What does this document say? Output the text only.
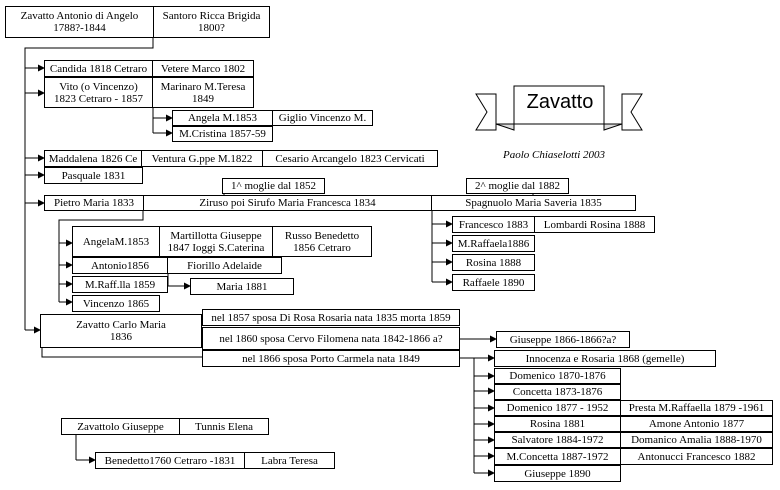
Zavatto
Paolo Chiaselotti 2003
Zavatto Antonio di Angelo
1788?-1844
Santoro Ricca Brigida
1800?
Candida 1818 Cetraro	Vetere Marco 1802
Vito (o Vincenzo)
1823 Cetraro - 1857
Marinaro M.Teresa
1849
Angela M.1853	Giglio Vincenzo M.
M.Cristina 1857-59
Maddalena 1826 Ce	Ventura G.ppe M.1822	Cesario Arcangelo 1823 Cervicati
Pasquale 1831
1^ moglie dal 1852	2^ moglie dal 1882
Pietro Maria 1833	Ziruso poi Sirufo Maria Francesca 1834	Spagnuolo Maria Saveria 1835
Francesco 1883	Lombardi Rosina 1888
M.Raffaela1886
Rosina 1888
Raffaele 1890
AngelaM.1853	Martillotta Giuseppe
1847 Ioggi S.Caterina
Russo Benedetto
1856 Cetraro
Antonio1856	Fiorillo Adelaide
M.Raff.lla 1859	Maria 1881
Vincenzo 1865
Zavatto Carlo Maria
1836
nel 1857 sposa Di Rosa Rosaria nata 1835 morta 1859
nel 1860 sposa Cervo Filomena nata 1842-1866 a?	Giuseppe 1866-1866?a?
nel 1866 sposa Porto Carmela nata 1849	Innocenza e Rosaria 1868 (gemelle)
Domenico 1870-1876
Concetta 1873-1876
Domenico 1877 - 1952	Presta M.Raffaella 1879 -1961
Rosina 1881	Amone Antonio 1877
Salvatore 1884-1972	Domanico Amalia 1888-1970
M.Concetta 1887-1972	Antonucci Francesco 1882
Giuseppe 1890
Zavattolo Giuseppe	Tunnis Elena
Benedetto1760 Cetraro -1831	Labra Teresa
